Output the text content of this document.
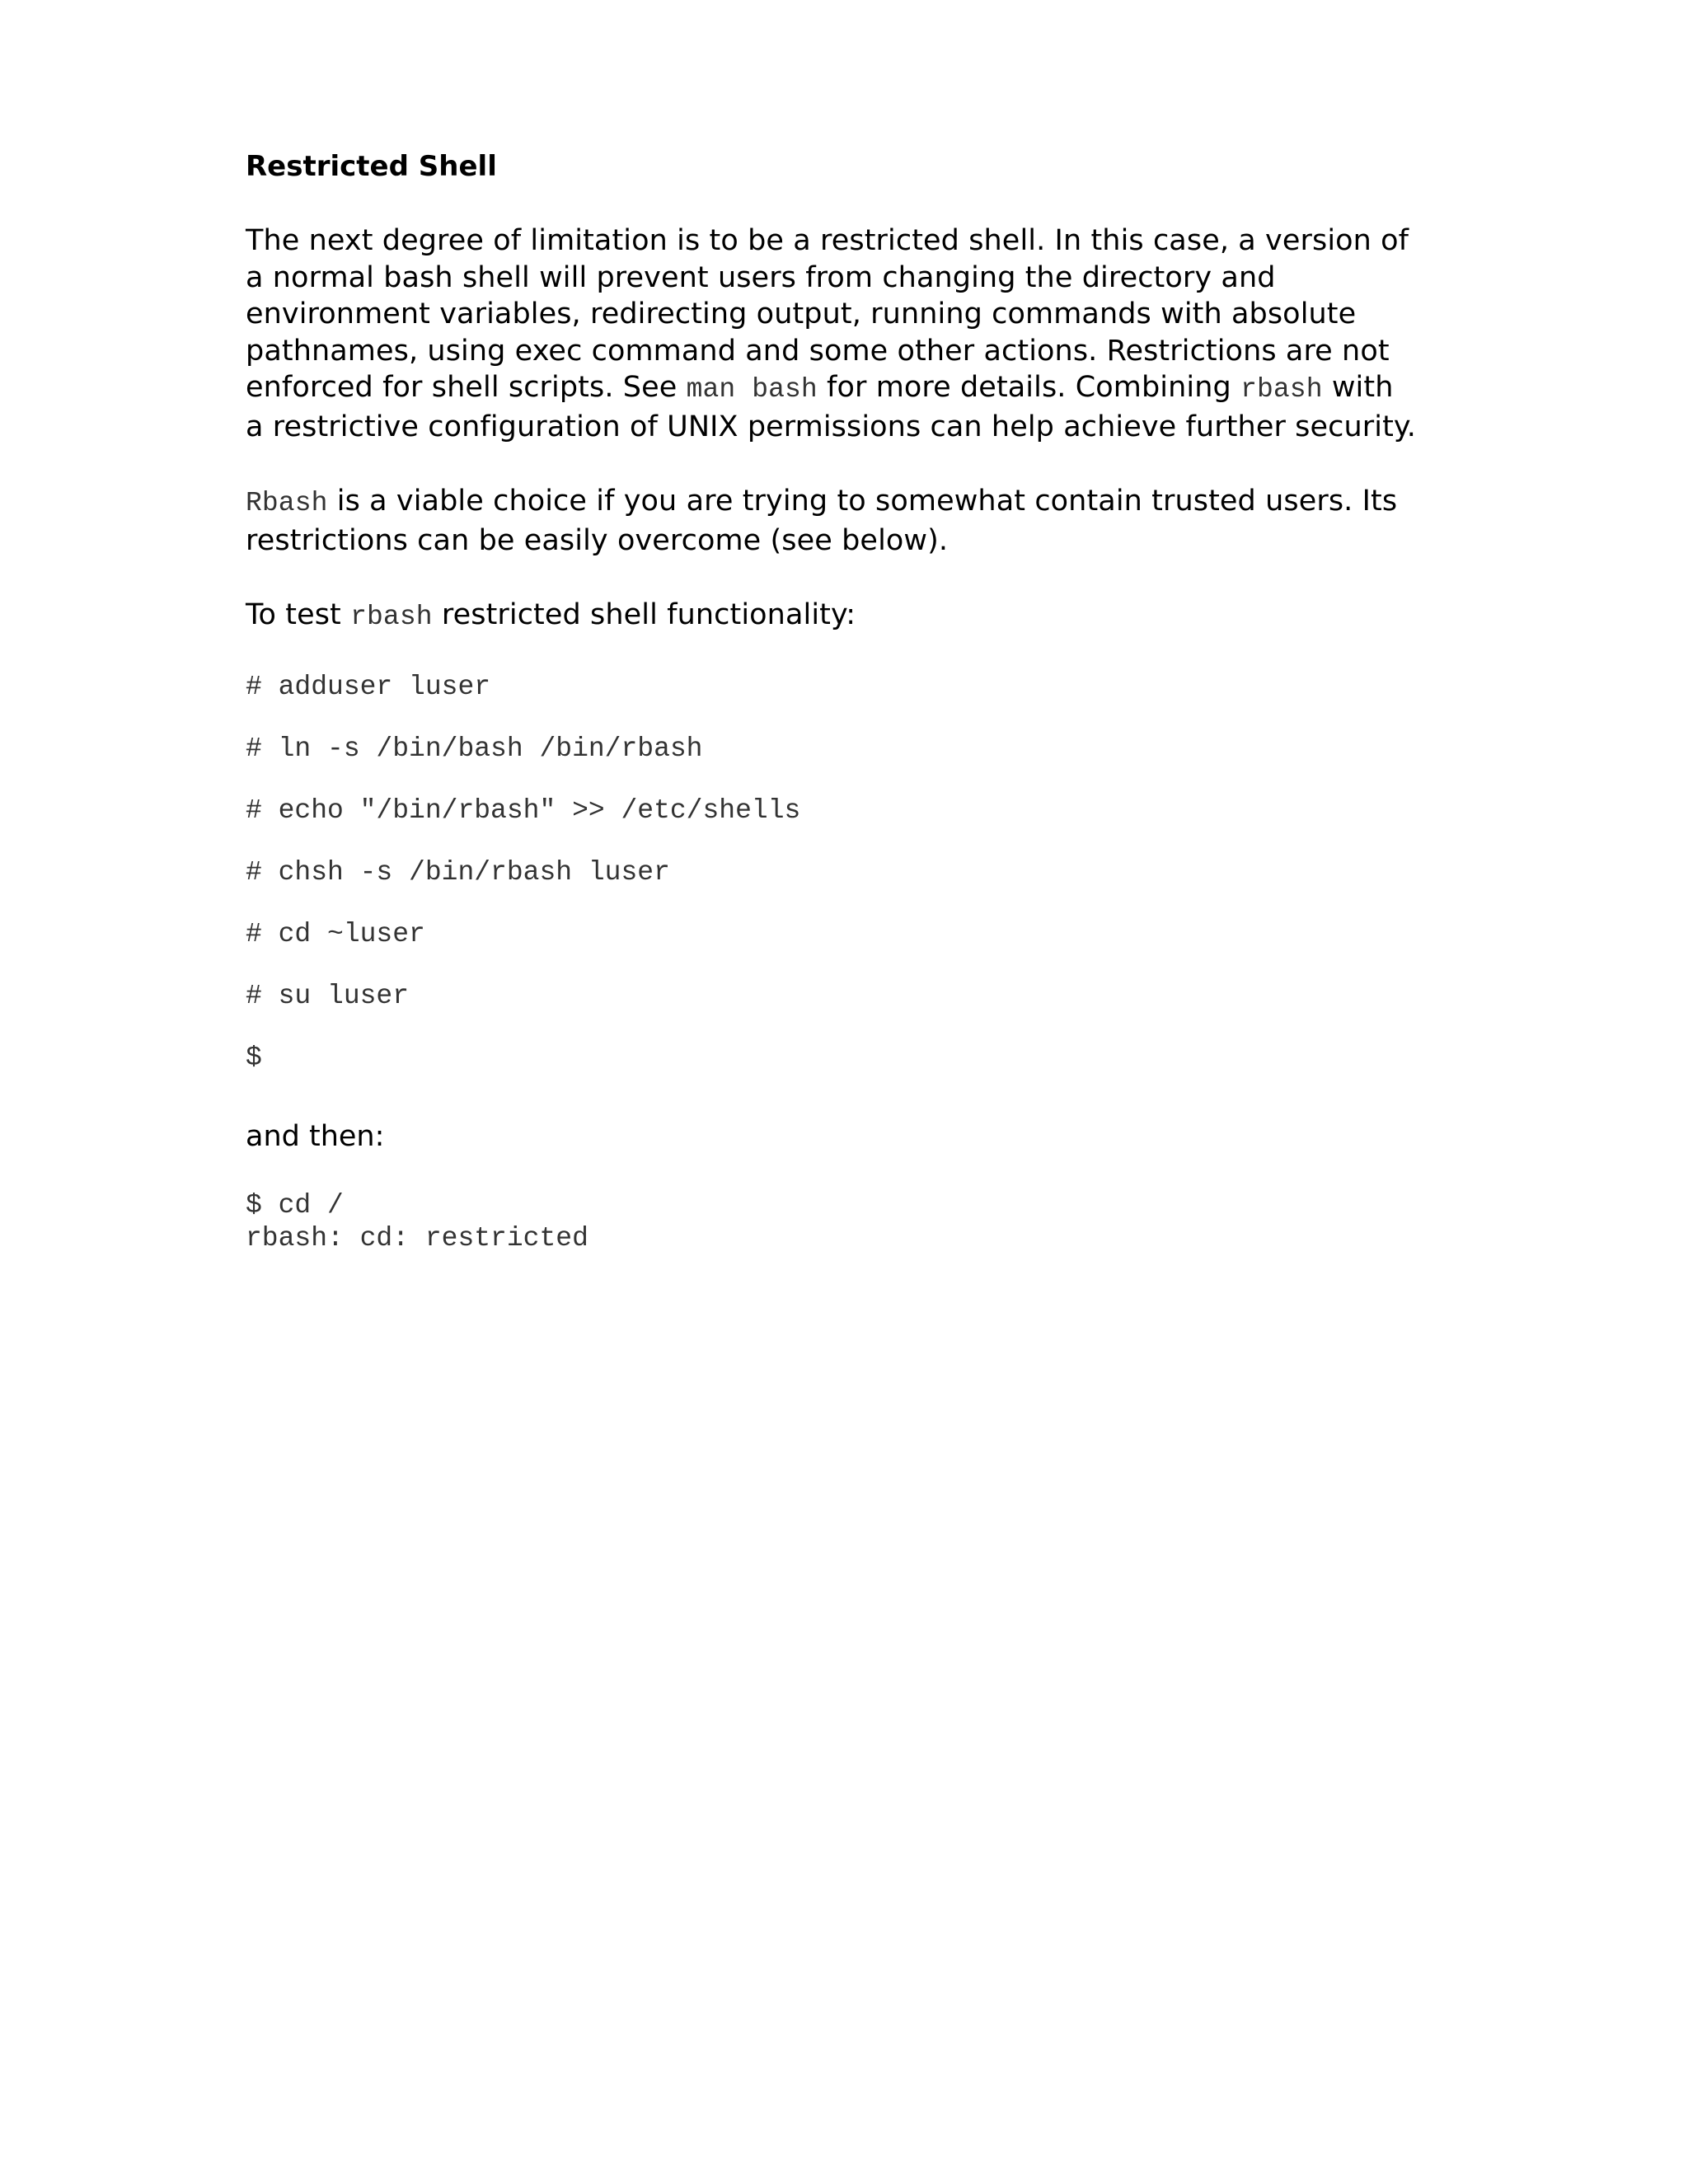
Restricted Shell

The next degree of limitation is to be a restricted shell. In this case, a version of a normal bash shell will prevent users from changing the directory and environment variables, redirecting output, running commands with absolute pathnames, using exec command and some other actions. Restrictions are not enforced for shell scripts. See man bash for more details. Combining rbash with a restrictive configuration of UNIX permissions can help achieve further security.

Rbash is a viable choice if you are trying to somewhat contain trusted users. Its restrictions can be easily overcome (see below).

To test rbash restricted shell functionality:

# adduser luser
# ln -s /bin/bash /bin/rbash
# echo "/bin/rbash" >> /etc/shells
# chsh -s /bin/rbash luser
# cd ~luser
# su luser
$
and then:
$ cd /
rbash: cd: restricted
